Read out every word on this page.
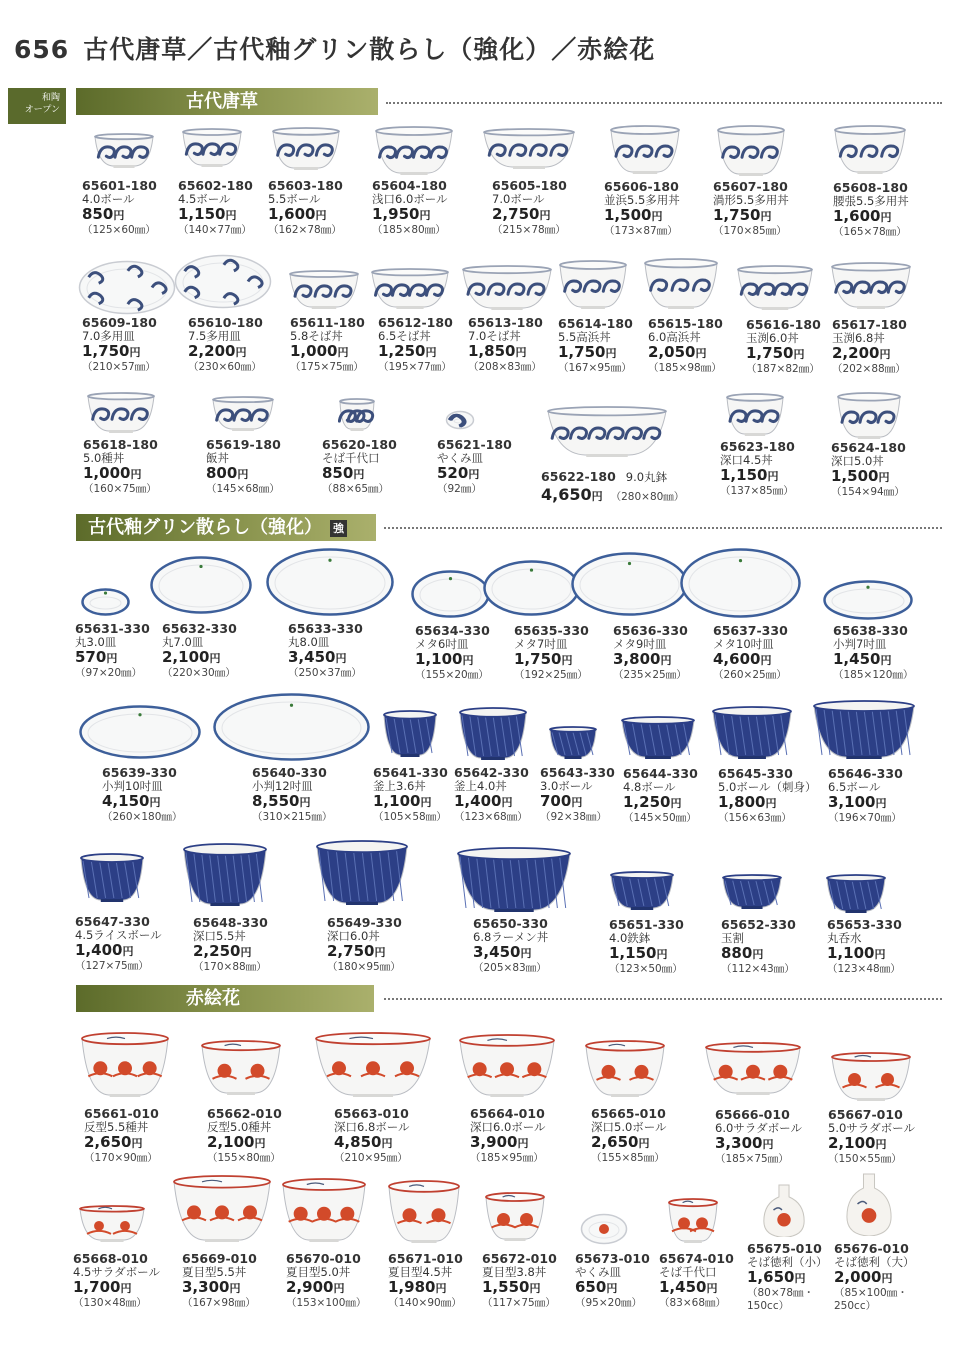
656 古代唐草／古代釉グリン散らし（強化）／赤絵花
和陶
オープン	古代唐草
古代釉グリン散らし（強化） 強
赤絵花
65601-180
4.0ボール
850円
（125×60㎜）
65602-180
4.5ボール
1,150円
（140×77㎜）
65603-180
5.5ボール
1,600円
（162×78㎜）
65604-180
浅口6.0ボール
1,950円
（185×80㎜）
65605-180
7.0ボール
2,750円
（215×78㎜）
65606-180
並浜5.5多用丼
1,500円
（173×87㎜）
65607-180
渦形5.5多用丼
1,750円
（170×85㎜）
65608-180
腰張5.5多用丼
1,600円
（165×78㎜）
65609-180
7.0多用皿
1,750円
（210×57㎜）
65610-180
7.5多用皿
2,200円
（230×60㎜）
65611-180
5.8そば丼
1,000円
（175×75㎜）
65612-180
6.5そば丼
1,250円
（195×77㎜）
65613-180
7.0そば丼
1,850円
（208×83㎜）
65614-180
5.5高浜丼
1,750円
（167×95㎜）
65615-180
6.0高浜丼
2,050円
（185×98㎜）
65616-180
玉渕6.0丼
1,750円
（187×82㎜）
65617-180
玉渕6.8丼
2,200円
（202×88㎜）
65618-180
5.0種丼
1,000円
（160×75㎜）
65619-180
飯丼
800円
（145×68㎜）
65620-180
そば千代口
850円
（88×65㎜）
65621-180
やくみ皿
520円
（92㎜）
65622-180 9.0丸鉢
4,650円 （280×80㎜）
65623-180
深口4.5丼
1,150円
（137×85㎜）
65624-180
深口5.0丼
1,500円
（154×94㎜）
65631-330
丸3.0皿
570円
（97×20㎜）
65632-330
丸7.0皿
2,100円
（220×30㎜）
65633-330
丸8.0皿
3,450円
（250×37㎜）
65634-330
メタ6吋皿
1,100円
（155×20㎜）
65635-330
メタ7吋皿
1,750円
（192×25㎜）
65636-330
メタ9吋皿
3,800円
（235×25㎜）
65637-330
メタ10吋皿
4,600円
（260×25㎜）
65638-330
小判7吋皿
1,450円
（185×120㎜）
65639-330
小判10吋皿
4,150円
（260×180㎜）
65640-330
小判12吋皿
8,550円
（310×215㎜）
65641-330
釜上3.6丼
1,100円
（105×58㎜）
65642-330
釜上4.0丼
1,400円
（123×68㎜）
65643-330
3.0ボール
700円
（92×38㎜）
65644-330
4.8ボール
1,250円
（145×50㎜）
65645-330
5.0ボール（刺身）
1,800円
（156×63㎜）
65646-330
6.5ボール
3,100円
（196×70㎜）
65647-330
4.5ライスボール
1,400円
（127×75㎜）
65648-330
深口5.5丼
2,250円
（170×88㎜）
65649-330
深口6.0丼
2,750円
（180×95㎜）
65650-330
6.8ラーメン丼
3,450円
（205×83㎜）
65651-330
4.0鉄鉢
1,150円
（123×50㎜）
65652-330
玉割
880円
（112×43㎜）
65653-330
丸呑水
1,100円
（123×48㎜）
65661-010
反型5.5種丼
2,650円
（170×90㎜）
65662-010
反型5.0種丼
2,100円
（155×80㎜）
65663-010
深口6.8ボール
4,850円
（210×95㎜）
65664-010
深口6.0ボール
3,900円
（185×95㎜）
65665-010
深口5.0ボール
2,650円
（155×85㎜）
65666-010
6.0サラダボール
3,300円
（185×75㎜）
65667-010
5.0サラダボール
2,100円
（150×55㎜）
65668-010
4.5サラダボール
1,700円
（130×48㎜）
65669-010
夏目型5.5丼
3,300円
（167×98㎜）
65670-010
夏目型5.0丼
2,900円
（153×100㎜）
65671-010
夏目型4.5丼
1,980円
（140×90㎜）
65672-010
夏目型3.8丼
1,550円
（117×75㎜）
65673-010
やくみ皿
650円
（95×20㎜）
65674-010
そば千代口
1,450円
（83×68㎜）
65675-010
そば徳利（小）
1,650円
（80×78㎜・
150cc）
65676-010
そば徳利（大）
2,000円
（85×100㎜・
250cc）
